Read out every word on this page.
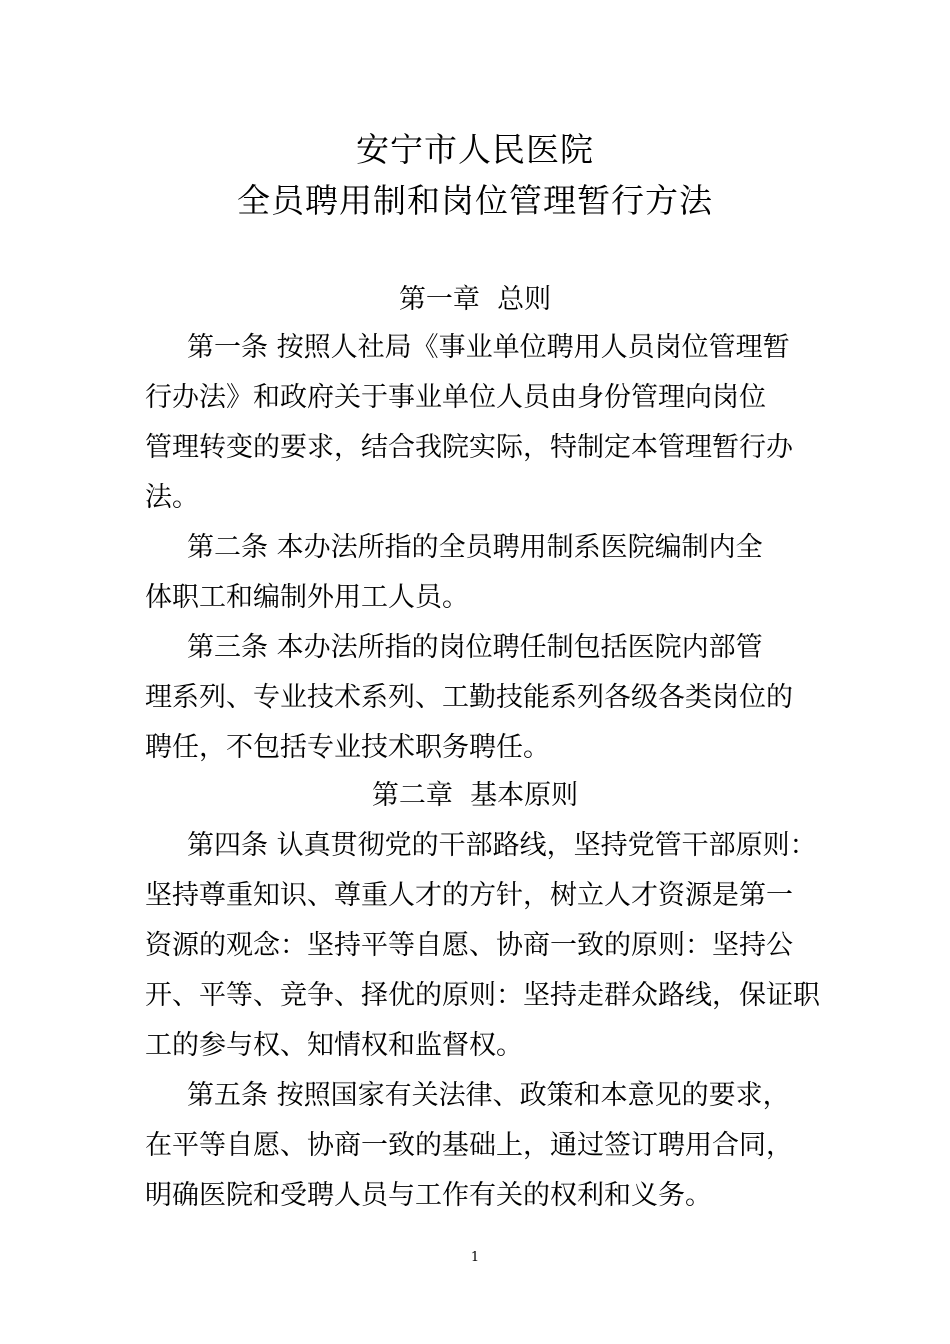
安宁市人民医院
全员聘用制和岗位管理暂行方法
第一章  总则
第一条 按照人社局《事业单位聘用人员岗位管理暂
行办法》和政府关于事业单位人员由身份管理向岗位
管理转变的要求，结合我院实际，特制定本管理暂行办
法。
第二条 本办法所指的全员聘用制系医院编制内全
体职工和编制外用工人员。
第三条 本办法所指的岗位聘任制包括医院内部管
理系列、专业技术系列、工勤技能系列各级各类岗位的
聘任，不包括专业技术职务聘任。
第二章  基本原则
第四条 认真贯彻党的干部路线，坚持党管干部原则：
坚持尊重知识、尊重人才的方针，树立人才资源是第一
资源的观念：坚持平等自愿、协商一致的原则：坚持公
开、平等、竞争、择优的原则：坚持走群众路线，保证职
工的参与权、知情权和监督权。
第五条 按照国家有关法律、政策和本意见的要求，
在平等自愿、协商一致的基础上，通过签订聘用合同，
明确医院和受聘人员与工作有关的权利和义务。
1
